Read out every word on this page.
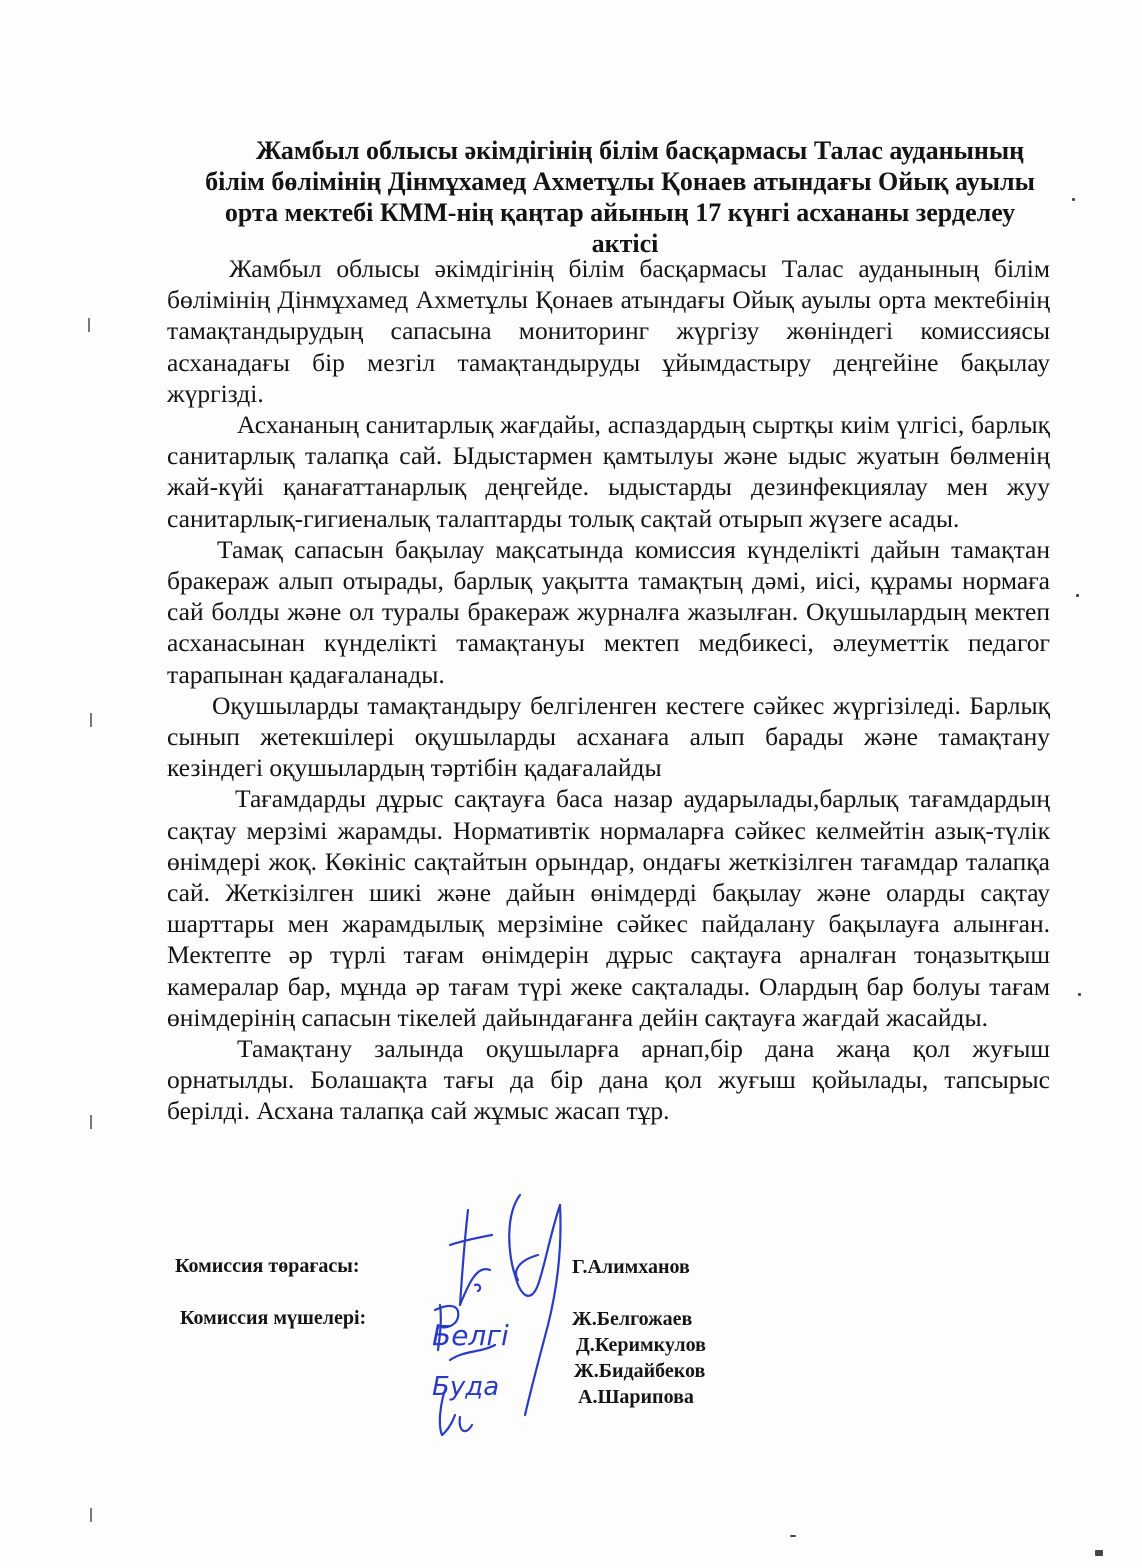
Жамбыл облысы әкімдігінің білім басқармасы Талас ауданының
білім бөлімінің Дінмұхамед Ахметұлы Қонаев атындағы Ойық ауылы
орта мектебі КММ-нің қаңтар айының 17 күнгі асхананы зерделеу
актісі

Жамбыл облысы әкімдігінің білім басқармасы Талас ауданының білім бөлімінің Дінмұхамед Ахметұлы Қонаев атындағы Ойық ауылы орта мектебінің тамақтандырудың сапасына мониторинг жүргізу жөніндегі комиссиясы асханадағы бір мезгіл тамақтандыруды ұйымдастыру деңгейіне бақылау жүргізді.

Асхананың санитарлық жағдайы, аспаздардың сыртқы киім үлгісі, барлық санитарлық талапқа сай. Ыдыстармен қамтылуы және ыдыс жуатын бөлменің жай-күйі қанағаттанарлық деңгейде. ыдыстарды дезинфекциялау мен жуу санитарлық-гигиеналық талаптарды толық сақтай отырып жүзеге асады.

Тамақ сапасын бақылау мақсатында комиссия күнделікті дайын тамақтан бракераж алып отырады, барлық уақытта тамақтың дәмі, иісі, құрамы нормаға сай болды және ол туралы бракераж журналға жазылған. Оқушылардың мектеп асханасынан күнделікті тамақтануы мектеп медбикесі, әлеуметтік педагог тарапынан қадағаланады.

Оқушыларды тамақтандыру белгіленген кестеге сәйкес жүргізіледі. Барлық сынып жетекшілері оқушыларды асханаға алып барады және тамақтану кезіндегі оқушылардың тәртібін қадағалайды

Тағамдарды дұрыс сақтауға баса назар аударылады,барлық тағамдардың сақтау мерзімі жарамды. Нормативтік нормаларға сәйкес келмейтін азық-түлік өнімдері жоқ. Көкініс сақтайтын орындар, ондағы жеткізілген тағамдар талапқа сай. Жеткізілген шикі және дайын өнімдерді бақылау және оларды сақтау шарттары мен жарамдылық мерзіміне сәйкес пайдалану бақылауға алынған. Мектепте әр түрлі тағам өнімдерін дұрыс сақтауға арналған тоңазытқыш камералар бар, мұнда әр тағам түрі жеке сақталады. Олардың бар болуы тағам өнімдерінің сапасын тікелей дайындағанға дейін сақтауға жағдай жасайды.

Тамақтану залында оқушыларға арнап,бір дана жаңа қол жуғыш орнатылды. Болашақта тағы да бір дана қол жуғыш қойылады, тапсырыс берілді. Асхана талапқа сай жұмыс жасап тұр.

Комиссия төрағасы:	Г.Алимханов
Комиссия мүшелері:	Ж.Белгожаев
Д.Керимкулов
Ж.Бидайбеков
А.Шарипова
Белгі
Буда
